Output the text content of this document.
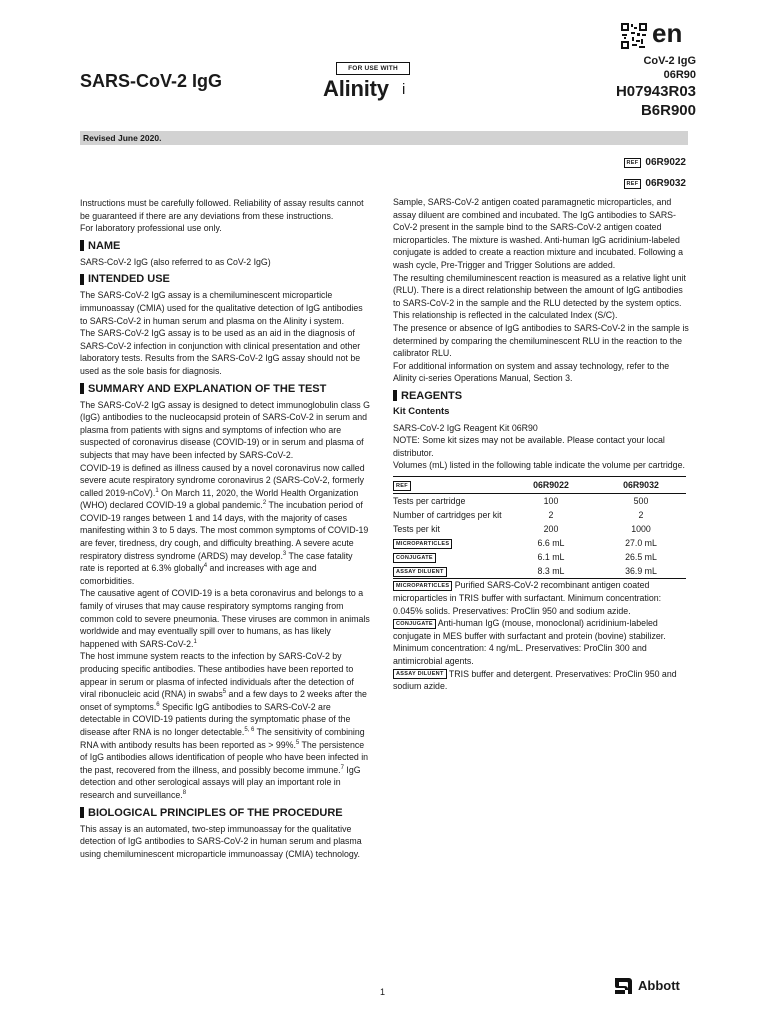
en
SARS-CoV-2 IgG
FOR USE WITH
Alinity i
CoV-2 IgG
06R90
H07943R03
B6R900
Revised June 2020.
REF 06R9022
REF 06R9032

Instructions must be carefully followed. Reliability of assay results cannot be guaranteed if there are any deviations from these instructions.

For laboratory professional use only.

NAME

SARS-CoV-2 IgG (also referred to as CoV-2 IgG)

INTENDED USE

The SARS-CoV-2 IgG assay is a chemiluminescent microparticle immunoassay (CMIA) used for the qualitative detection of IgG antibodies to SARS-CoV-2 in human serum and plasma on the Alinity i system.

The SARS-CoV-2 IgG assay is to be used as an aid in the diagnosis of SARS-CoV-2 infection in conjunction with clinical presentation and other laboratory tests. Results from the SARS-CoV-2 IgG assay should not be used as the sole basis for diagnosis.

SUMMARY AND EXPLANATION OF THE TEST

The SARS-CoV-2 IgG assay is designed to detect immunoglobulin class G (IgG) antibodies to the nucleocapsid protein of SARS-CoV-2 in serum and plasma from patients with signs and symptoms of infection who are suspected of coronavirus disease (COVID-19) or in serum and plasma of subjects that may have been infected by SARS-CoV-2.

COVID-19 is defined as illness caused by a novel coronavirus now called severe acute respiratory syndrome coronavirus 2 (SARS-CoV-2, formerly called 2019-nCoV).$^1$ On March 11, 2020, the World Health Organization (WHO) declared COVID-19 a global pandemic.$^2$ The incubation period of COVID-19 ranges between 1 and 14 days, with the majority of cases manifesting within 3 to 5 days. The most common symptoms of COVID-19 are fever, tiredness, dry cough, and difficulty breathing. A severe acute respiratory distress syndrome (ARDS) may develop.$^3$ The case fatality rate is reported at 6.3% globally$^4$ and increases with age and comorbidities.

The causative agent of COVID-19 is a beta coronavirus and belongs to a family of viruses that may cause respiratory symptoms ranging from common cold to severe pneumonia. These viruses are common in animals worldwide and may eventually spill over to humans, as has likely happened with SARS-CoV-2.$^1$

The host immune system reacts to the infection by SARS-CoV-2 by producing specific antibodies. These antibodies have been reported to appear in serum or plasma of infected individuals after the detection of viral ribonucleic acid (RNA) in swabs$^5$ and a few days to 2 weeks after the onset of symptoms.$^6$ Specific IgG antibodies to SARS-CoV-2 are detectable in COVID-19 patients during the symptomatic phase of the disease after RNA is no longer detectable.$^{5, 6}$ The sensitivity of combining RNA with antibody results has been reported as > 99%.$^5$ The persistence of IgG antibodies allows identification of people who have been infected in the past, recovered from the illness, and possibly become immune.$^7$ IgG detection and other serological assays will play an important role in research and surveillance.$^8$

BIOLOGICAL PRINCIPLES OF THE PROCEDURE

This assay is an automated, two-step immunoassay for the qualitative detection of IgG antibodies to SARS-CoV-2 in human serum and plasma using chemiluminescent microparticle immunoassay (CMIA) technology.

Sample, SARS-CoV-2 antigen coated paramagnetic microparticles, and assay diluent are combined and incubated. The IgG antibodies to SARS-CoV-2 present in the sample bind to the SARS-CoV-2 antigen coated microparticles. The mixture is washed. Anti-human IgG acridinium-labeled conjugate is added to create a reaction mixture and incubated. Following a wash cycle, Pre-Trigger and Trigger Solutions are added.

The resulting chemiluminescent reaction is measured as a relative light unit (RLU). There is a direct relationship between the amount of IgG antibodies to SARS-CoV-2 in the sample and the RLU detected by the system optics.

This relationship is reflected in the calculated Index (S/C).

The presence or absence of IgG antibodies to SARS-CoV-2 in the sample is determined by comparing the chemiluminescent RLU in the reaction to the calibrator RLU.

For additional information on system and assay technology, refer to the Alinity ci-series Operations Manual, Section 3.

REAGENTS
Kit Contents

SARS-CoV-2 IgG Reagent Kit 06R90

NOTE: Some kit sizes may not be available. Please contact your local distributor.

Volumes (mL) listed in the following table indicate the volume per cartridge.

REF	06R9022	06R9032
Tests per cartridge	100	500
Number of cartridges per kit	2	2
Tests per kit	200	1000
MICROPARTICLES	6.6 mL	27.0 mL
CONJUGATE	6.1 mL	26.5 mL
ASSAY DILUENT	8.3 mL	36.9 mL

MICROPARTICLES Purified SARS-CoV-2 recombinant antigen coated microparticles in TRIS buffer with surfactant. Minimum concentration: 0.045% solids. Preservatives: ProClin 950 and sodium azide.

CONJUGATE Anti-human IgG (mouse, monoclonal) acridinium-labeled conjugate in MES buffer with surfactant and protein (bovine) stabilizer. Minimum concentration: 4 ng/mL. Preservatives: ProClin 300 and antimicrobial agents.

ASSAY DILUENT TRIS buffer and detergent. Preservatives: ProClin 950 and sodium azide.

1	Abbott
